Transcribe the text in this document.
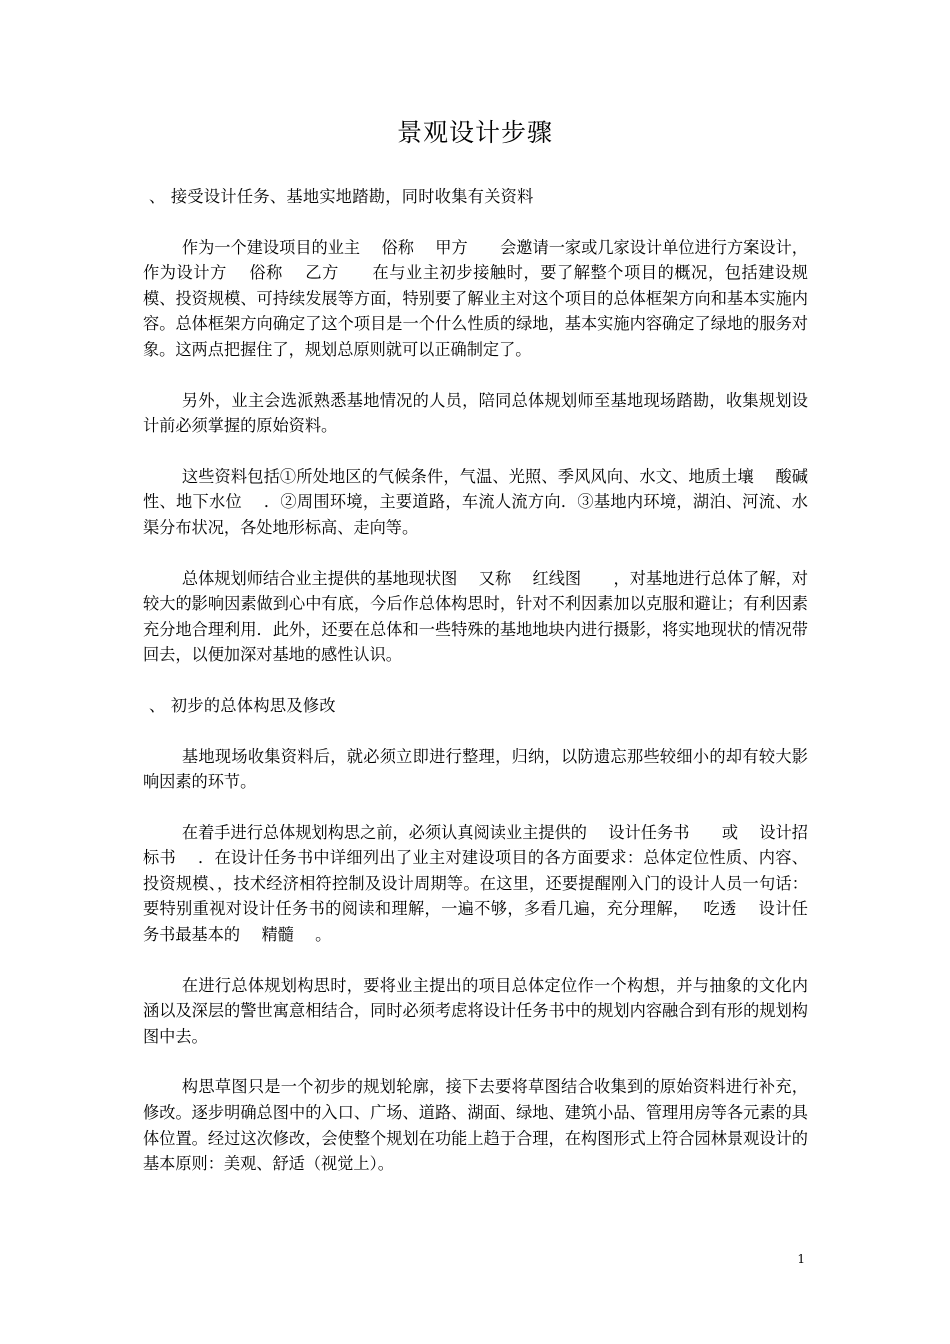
景观设计步骤

、 接受设计任务、基地实地踏勘，同时收集有关资料

作为一个建设项目的业主　 俗称　 甲方　　会邀请一家或几家设计单位进行方案设计，作为设计方　 俗称　 乙方　　在与业主初步接触时，要了解整个项目的概况，包括建设规模、投资规模、可持续发展等方面，特别要了解业主对这个项目的总体框架方向和基本实施内容。总体框架方向确定了这个项目是一个什么性质的绿地，基本实施内容确定了绿地的服务对象。这两点把握住了，规划总原则就可以正确制定了。

另外，业主会选派熟悉基地情况的人员，陪同总体规划师至基地现场踏勘，收集规划设计前必须掌握的原始资料。

这些资料包括①所处地区的气候条件，气温、光照、季风风向、水文、地质土壤　 酸碱性、地下水位　 ．②周围环境，主要道路，车流人流方向．③基地内环境，湖泊、河流、水渠分布状况，各处地形标高、走向等。

总体规划师结合业主提供的基地现状图　 又称　 红线图　　，对基地进行总体了解，对较大的影响因素做到心中有底，今后作总体构思时，针对不利因素加以克服和避让；有利因素充分地合理利用．此外，还要在总体和一些特殊的基地地块内进行摄影，将实地现状的情况带回去，以便加深对基地的感性认识。

、 初步的总体构思及修改

基地现场收集资料后，就必须立即进行整理，归纳，以防遗忘那些较细小的却有较大影响因素的环节。

在着手进行总体规划构思之前，必须认真阅读业主提供的　 设计任务书　　或　 设计招标书　 ．在设计任务书中详细列出了业主对建设项目的各方面要求：总体定位性质、内容、投资规模、，技术经济相符控制及设计周期等。在这里，还要提醒刚入门的设计人员一句话：要特别重视对设计任务书的阅读和理解，一遍不够，多看几遍，充分理解，　 吃透　 设计任务书最基本的　 精髓　 。

在进行总体规划构思时，要将业主提出的项目总体定位作一个构想，并与抽象的文化内涵以及深层的警世寓意相结合，同时必须考虑将设计任务书中的规划内容融合到有形的规划构图中去。

构思草图只是一个初步的规划轮廓，接下去要将草图结合收集到的原始资料进行补充，修改。逐步明确总图中的入口、广场、道路、湖面、绿地、建筑小品、管理用房等各元素的具体位置。经过这次修改，会使整个规划在功能上趋于合理，在构图形式上符合园林景观设计的基本原则：美观、舒适（视觉上）。

1
